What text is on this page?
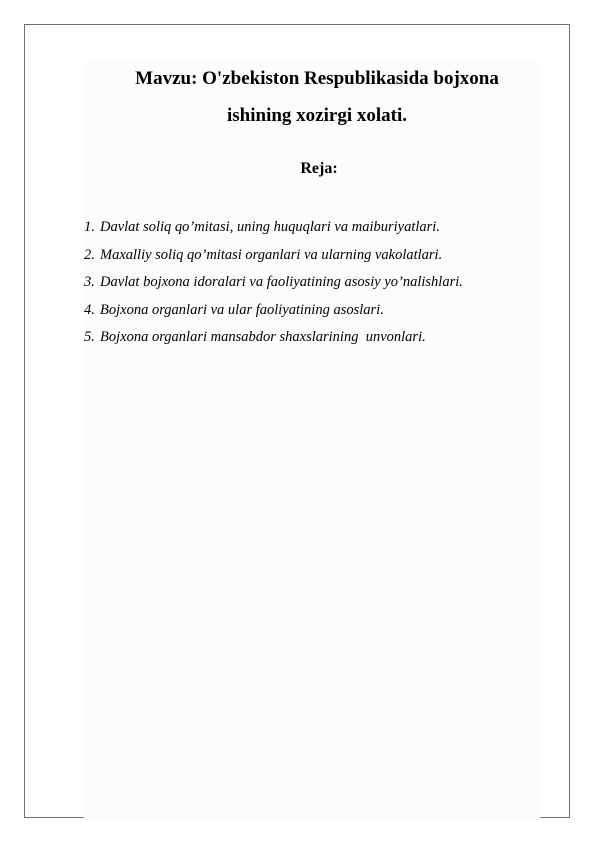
Mavzu: O'zbekiston Respublikasida bojxona
ishining xozirgi xolati.
Reja:
1. Davlat soliq qo’mitasi, uning huquqlari va maiburiyatlari.
2. Maxalliy soliq qo’mitasi organlari va ularning vakolatlari.
3. Davlat bojxona idoralari va faoliyatining asosiy yo’nalishlari.
4. Bojxona organlari va ular faoliyatining asoslari.
5. Bojxona organlari mansabdor shaxslarining  unvonlari.
